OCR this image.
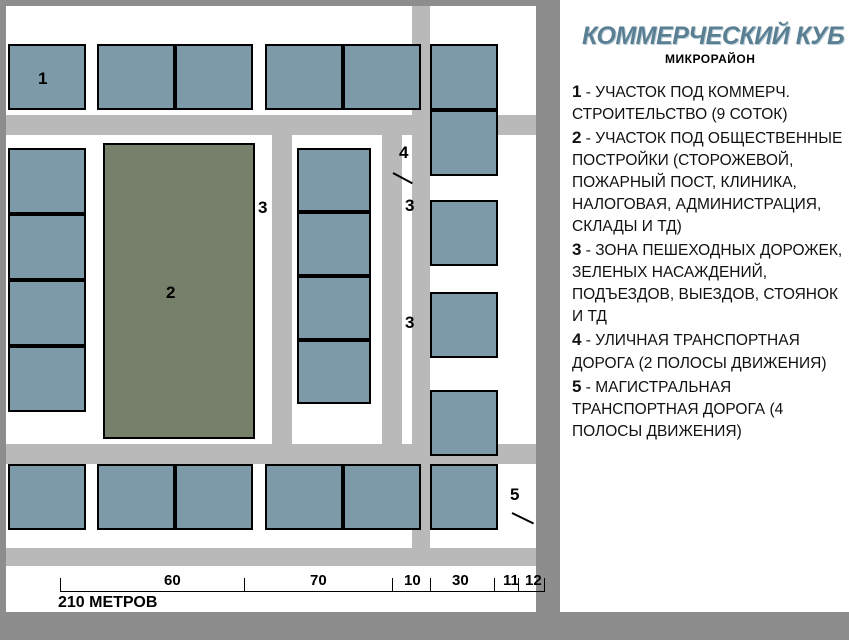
1
2
3	3
3
4
5
60	70	10 30 11 12
210 МЕТРОВ
КОММЕРЧЕСКИЙ КУБ
МИКРОРАЙОН
1 - УЧАСТОК ПОД КОММЕРЧ. СТРОИТЕЛЬСТВО (9 СОТОК)
2 - УЧАСТОК ПОД ОБЩЕСТВЕННЫЕ ПОСТРОЙКИ (СТОРОЖЕВОЙ, ПОЖАРНЫЙ ПОСТ, КЛИНИКА, НАЛОГОВАЯ, АДМИНИСТРАЦИЯ, СКЛАДЫ И ТД)
3 - ЗОНА ПЕШЕХОДНЫХ ДОРОЖЕК, ЗЕЛЕНЫХ НАСАЖДЕНИЙ, ПОДЪЕЗДОВ, ВЫЕЗДОВ, СТОЯНОК И ТД
4 - УЛИЧНАЯ ТРАНСПОРТНАЯ ДОРОГА (2 ПОЛОСЫ ДВИЖЕНИЯ)
5 - МАГИСТРАЛЬНАЯ ТРАНСПОРТНАЯ ДОРОГА (4 ПОЛОСЫ ДВИЖЕНИЯ)
